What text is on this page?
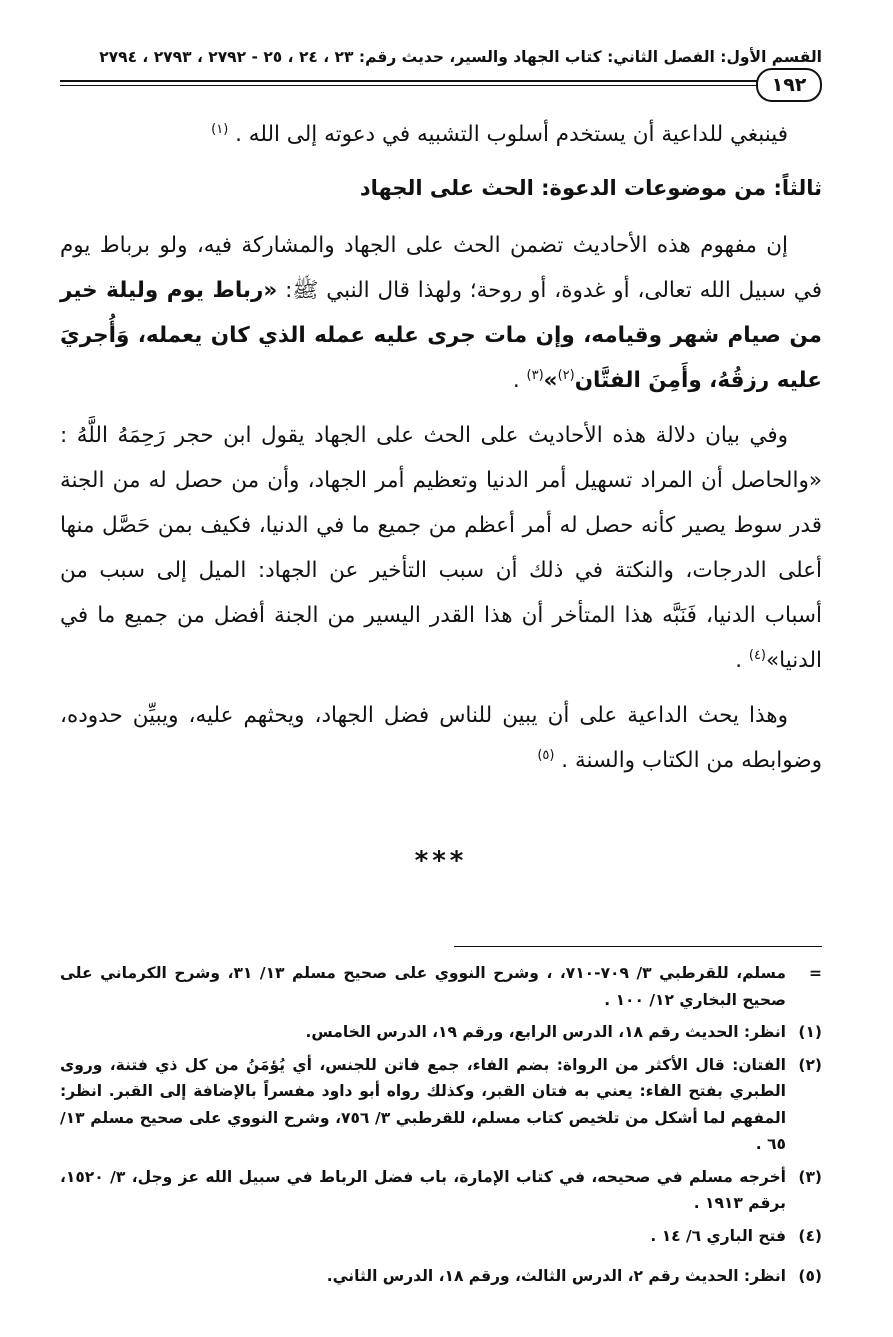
القسم الأول: الفصل الثاني: كتاب الجهاد والسير، حديث رقم: ٢٣ ، ٢٤ ، ٢٥ - ٢٧٩٢ ، ٢٧٩٣ ، ٢٧٩٤
١٩٢

فينبغي للداعية أن يستخدم أسلوب التشبيه في دعوته إلى الله . $^{(١)}$

ثالثاً: من موضوعات الدعوة: الحث على الجهاد

إن مفهوم هذه الأحاديث تضمن الحث على الجهاد والمشاركة فيه، ولو برباط يوم في سبيل الله تعالى، أو غدوة، أو روحة؛ ولهذا قال النبي ﷺ: «رباط يوم وليلة خير من صيام شهر وقيامه، وإن مات جرى عليه عمله الذي كان يعمله، وَأُجريَ عليه رزقُهُ، وأَمِنَ الفتَّان$^{(٢)}$»$^{(٣)}$ .

وفي بيان دلالة هذه الأحاديث على الحث على الجهاد يقول ابن حجر رَحِمَهُ اللَّهُ : «والحاصل أن المراد تسهيل أمر الدنيا وتعظيم أمر الجهاد، وأن من حصل له من الجنة قدر سوط يصير كأنه حصل له أمر أعظم من جميع ما في الدنيا، فكيف بمن حَصَّل منها أعلى الدرجات، والنكتة في ذلك أن سبب التأخير عن الجهاد: الميل إلى سبب من أسباب الدنيا، فَنَبَّه هذا المتأخر أن هذا القدر اليسير من الجنة أفضل من جميع ما في الدنيا»$^{(٤)}$ .

وهذا يحث الداعية على أن يبين للناس فضل الجهاد، ويحثهم عليه، ويبيِّن حدوده، وضوابطه من الكتاب والسنة . $^{(٥)}$

***
=
مسلم، للقرطبي ٣/ ٧٠٩-٧١٠، ، وشرح النووي على صحيح مسلم ١٣/ ٣١، وشرح الكرماني على صحيح البخاري ١٢/ ١٠٠ .
(١)
انظر: الحديث رقم ١٨، الدرس الرابع، ورقم ١٩، الدرس الخامس.
(٢)
الفتان: قال الأكثر من الرواة: بضم الفاء، جمع فاتن للجنس، أي يُؤمَنُ من كل ذي فتنة، وروى الطبري بفتح الفاء: يعني به فتان القبر، وكذلك رواه أبو داود مفسراً بالإضافة إلى القبر. انظر: المفهم لما أشكل من تلخيص كتاب مسلم، للقرطبي ٣/ ٧٥٦، وشرح النووي على صحيح مسلم ١٣/ ٦٥ .
(٣)
أخرجه مسلم في صحيحه، في كتاب الإمارة، باب فضل الرباط في سبيل الله عز وجل، ٣/ ١٥٢٠، برقم ١٩١٣ .
(٤)
فتح الباري ٦/ ١٤ .
(٥)
انظر: الحديث رقم ٢، الدرس الثالث، ورقم ١٨، الدرس الثاني.
